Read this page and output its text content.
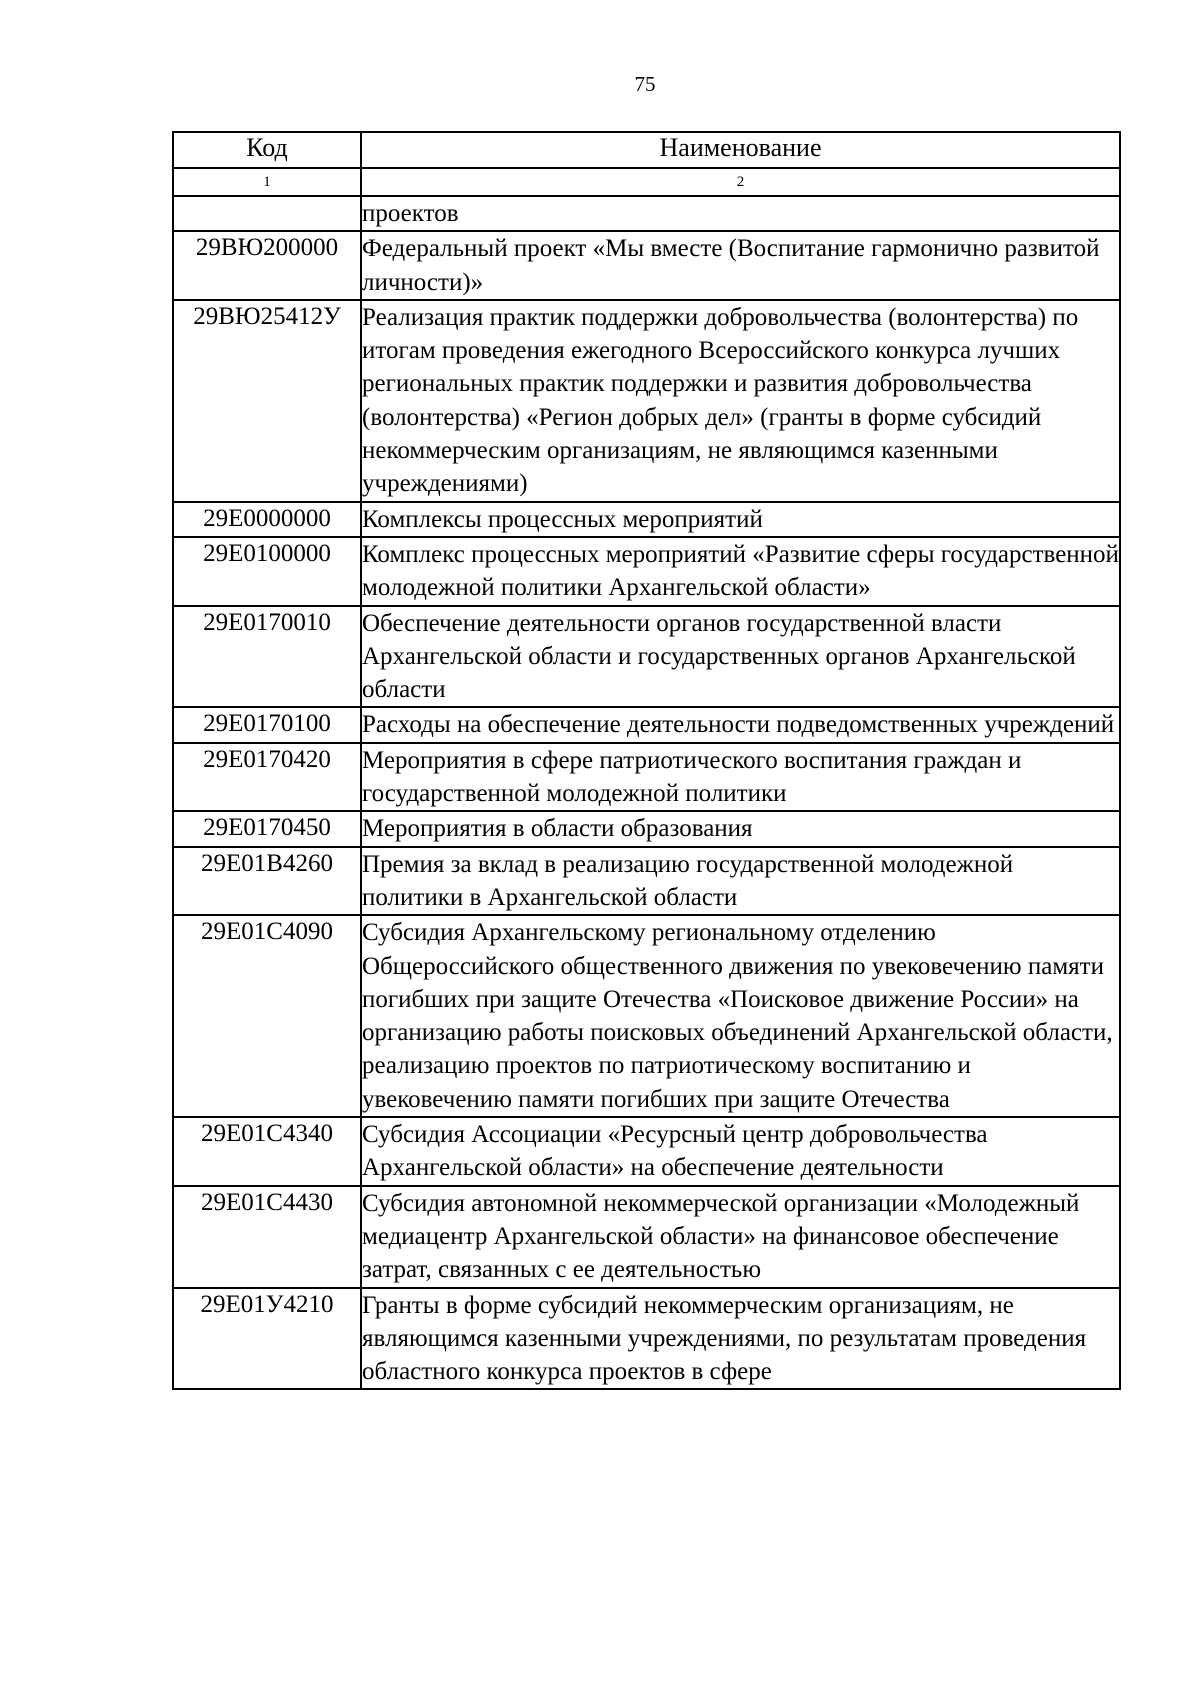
75
Код	Наименование
1	2
	проектов
29ВЮ200000	Федеральный проект «Мы вместе (Воспитание гармонично развитой личности)»
29ВЮ25412У	Реализация практик поддержки добровольчества (волонтерства) по итогам проведения ежегодного Всероссийского конкурса лучших региональных практик поддержки и развития добровольчества (волонтерства) «Регион добрых дел» (гранты в форме субсидий некоммерческим организациям, не являющимся казенными учреждениями)
29Е0000000	Комплексы процессных мероприятий
29Е0100000	Комплекс процессных мероприятий «Развитие сферы государственной молодежной политики Архангельской области»
29Е0170010	Обеспечение деятельности органов государственной власти Архангельской области и государственных органов Архангельской области
29Е0170100	Расходы на обеспечение деятельности подведомственных учреждений
29Е0170420	Мероприятия в сфере патриотического воспитания граждан и государственной молодежной политики
29Е0170450	Мероприятия в области образования
29Е01В4260	Премия за вклад в реализацию государственной молодежной политики в Архангельской области
29Е01С4090	Субсидия Архангельскому региональному отделению Общероссийского общественного движения по увековечению памяти погибших при защите Отечества «Поисковое движение России» на организацию работы поисковых объединений Архангельской области, реализацию проектов по патриотическому воспитанию и увековечению памяти погибших при защите Отечества
29Е01С4340	Субсидия Ассоциации «Ресурсный центр добровольчества Архангельской области» на обеспечение деятельности
29Е01С4430	Субсидия автономной некоммерческой организации «Молодежный медиацентр Архангельской области» на финансовое обеспечение затрат, связанных с ее деятельностью
29Е01У4210	Гранты в форме субсидий некоммерческим организациям, не являющимся казенными учреждениями, по результатам проведения областного конкурса проектов в сфере
